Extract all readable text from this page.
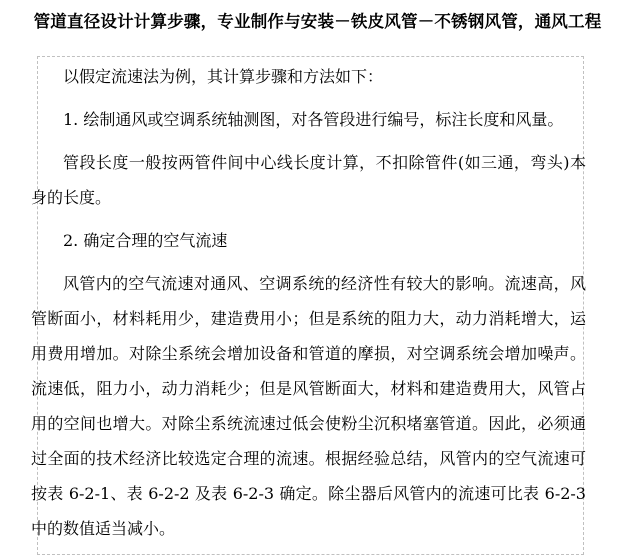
管道直径设计计算步骤，专业制作与安装－铁皮风管－不锈钢风管，通风工程

以假定流速法为例，其计算步骤和方法如下：

1. 绘制通风或空调系统轴测图，对各管段进行编号，标注长度和风量。

管段长度一般按两管件间中心线长度计算，不扣除管件(如三通，弯头)本身的长度。

2. 确定合理的空气流速

风管内的空气流速对通风、空调系统的经济性有较大的影响。流速高，风管断面小，材料耗用少，建造费用小；但是系统的阻力大，动力消耗增大，运用费用增加。对除尘系统会增加设备和管道的摩损，对空调系统会增加噪声。流速低，阻力小，动力消耗少；但是风管断面大，材料和建造费用大，风管占用的空间也增大。对除尘系统流速过低会使粉尘沉积堵塞管道。因此，必须通过全面的技术经济比较选定合理的流速。根据经验总结，风管内的空气流速可按表 6-2-1、表 6-2-2 及表 6-2-3 确定。除尘器后风管内的流速可比表 6-2-3 中的数值适当减小。
